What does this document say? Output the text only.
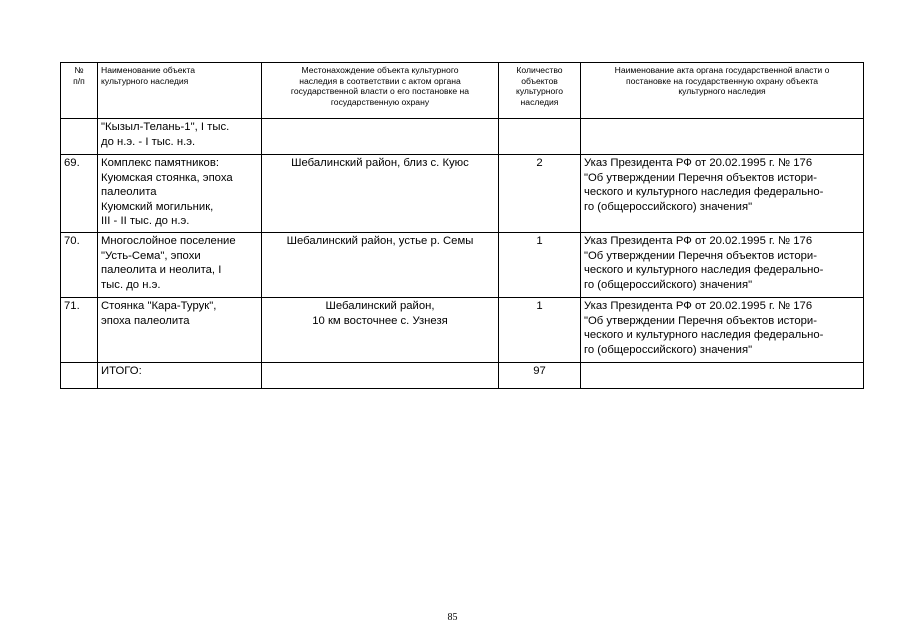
№
п/п	Наименование объекта
культурного наследия	Местонахождение объекта культурного
наследия в соответствии с актом органа
государственной власти о его постановке на
государственную охрану	Количество
объектов
культурного
наследия	Наименование акта органа государственной власти о
постановке на государственную охрану объекта
культурного наследия

	"Кызыл-Телань-1", I тыс.
до н.э. - I тыс. н.э.			

69.	Комплекс памятников:
Куюмская стоянка, эпоха
палеолита
Куюмский могильник,
III - II тыс. до н.э.	Шебалинский район, близ с. Куюс	2	Указ Президента РФ от 20.02.1995 г. № 176
"Об утверждении Перечня объектов истори-
ческого и культурного наследия федерально-
го (общероссийского) значения"

70.	Многослойное поселение
"Усть-Сема", эпохи
палеолита и неолита, I
тыс. до н.э.	Шебалинский район, устье р. Семы	1	Указ Президента РФ от 20.02.1995 г. № 176
"Об утверждении Перечня объектов истори-
ческого и культурного наследия федерально-
го (общероссийского) значения"

71.	Стоянка "Кара-Турук",
эпоха палеолита	Шебалинский район,
10 км восточнее с. Узнезя	1	Указ Президента РФ от 20.02.1995 г. № 176
"Об утверждении Перечня объектов истори-
ческого и культурного наследия федерально-
го (общероссийского) значения"

	ИТОГО:		97	
85
